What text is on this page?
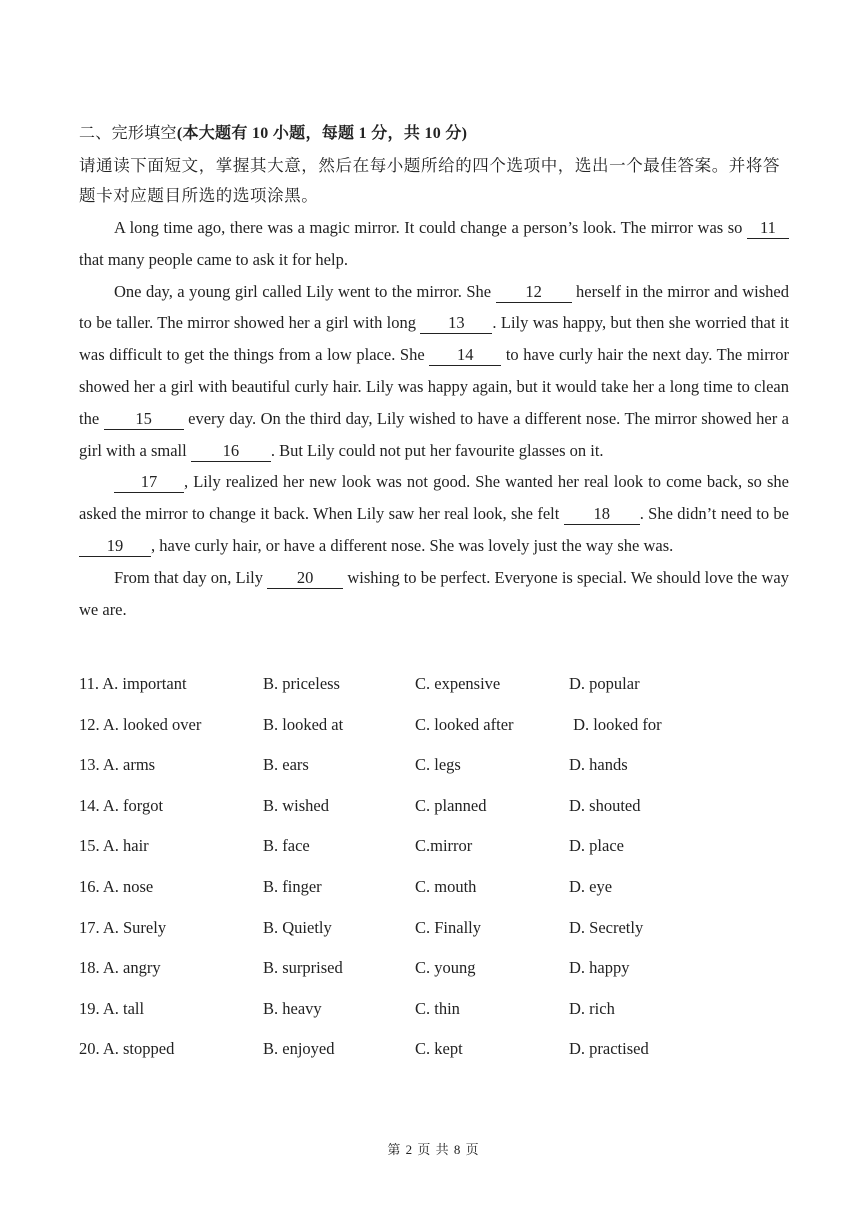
二、完形填空(本大题有 10 小题，每题 1 分，共 10 分)
请通读下面短文，掌握其大意，然后在每小题所给的四个选项中，选出一个最佳答案。并将答题卡对应题目所选的选项涂黑。

A long time ago, there was a magic mirror. It could change a person’s look. The mirror was so 11 that many people came to ask it for help.

One day, a young girl called Lily went to the mirror. She 12 herself in the mirror and wished to be taller. The mirror showed her a girl with long 13 . Lily was happy, but then she worried that it was difficult to get the things from a low place. She 14 to have curly hair the next day. The mirror showed her a girl with beautiful curly hair. Lily was happy again, but it would take her a long time to clean the 15 every day. On the third day, Lily wished to have a different nose. The mirror showed her a girl with a small 16 . But Lily could not put her favourite glasses on it.

17 , Lily realized her new look was not good. She wanted her real look to come back, so she asked the mirror to change it back. When Lily saw her real look, she felt 18 . She didn’t need to be 19 , have curly hair, or have a different nose. She was lovely just the way she was.

From that day on, Lily 20 wishing to be perfect. Everyone is special. We should love the way we are.

11. A. important	B. priceless	C. expensive	D. popular
12. A. looked over	B. looked at	C. looked after	D. looked for
13. A. arms	B. ears	C. legs	D. hands
14. A. forgot	B. wished	C. planned	D. shouted
15. A. hair	B. face	C.mirror	D. place
16. A. nose	B. finger	C. mouth	D. eye
17. A. Surely	B. Quietly	C. Finally	D. Secretly
18. A. angry	B. surprised	C. young	D. happy
19. A. tall	B. heavy	C. thin	D. rich
20. A. stopped	B. enjoyed	C. kept	D. practised
第 2 页 共 8 页
